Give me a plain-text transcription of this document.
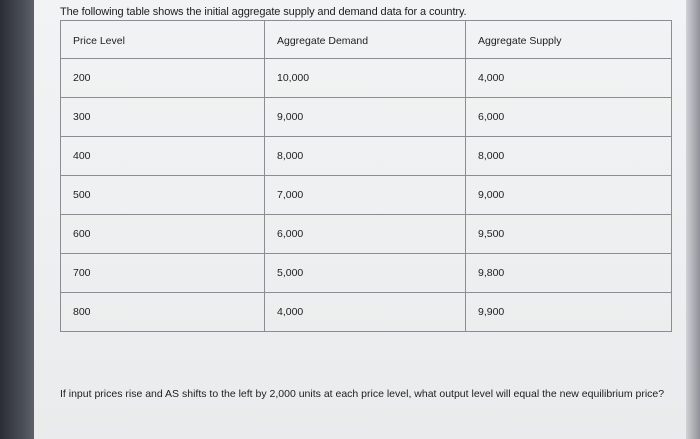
The following table shows the initial aggregate supply and demand data for a country.
Price Level	Aggregate Demand	Aggregate Supply
200	10,000	4,000
300	9,000	6,000
400	8,000	8,000
500	7,000	9,000
600	6,000	9,500
700	5,000	9,800
800	4,000	9,900
If input prices rise and AS shifts to the left by 2,000 units at each price level, what output level will equal the new equilibrium price?
